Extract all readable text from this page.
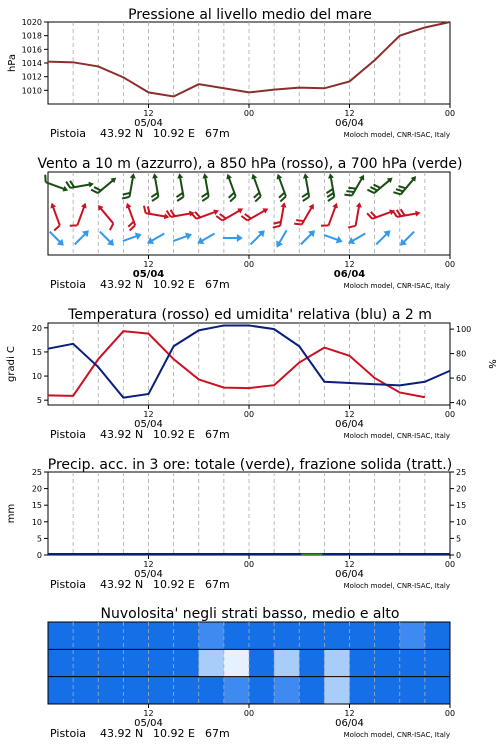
Pressione al livello medio del mare
1010
1012
1014
1016
1018
1020
hPa
12	00	12	00
05/04	06/04
Pistoia 43.92 N 10.92 E 67m	Moloch model, CNR-ISAC, Italy
Vento a 10 m (azzurro), a 850 hPa (rosso), a 700 hPa (verde)
12	00	12	00
05/04	06/04
Pistoia 43.92 N 10.92 E 67m	Moloch model, CNR-ISAC, Italy
Temperatura (rosso) ed umidita' relativa (blu) a 2 m
5
10
15
20
40
60
80
100
gradi C	%
12	00	12	00
05/04	06/04
Pistoia 43.92 N 10.92 E 67m	Moloch model, CNR-ISAC, Italy
Precip. acc. in 3 ore: totale (verde), frazione solida (tratt.)
0	0
5	5
10	10
15	15
20	20
25	25
mm
12	00	12	00
05/04	06/04
Pistoia 43.92 N 10.92 E 67m	Moloch model, CNR-ISAC, Italy
Nuvolosita' negli strati basso, medio e alto
12	00	12	00
05/04	06/04
Pistoia 43.92 N 10.92 E 67m	Moloch model, CNR-ISAC, Italy
